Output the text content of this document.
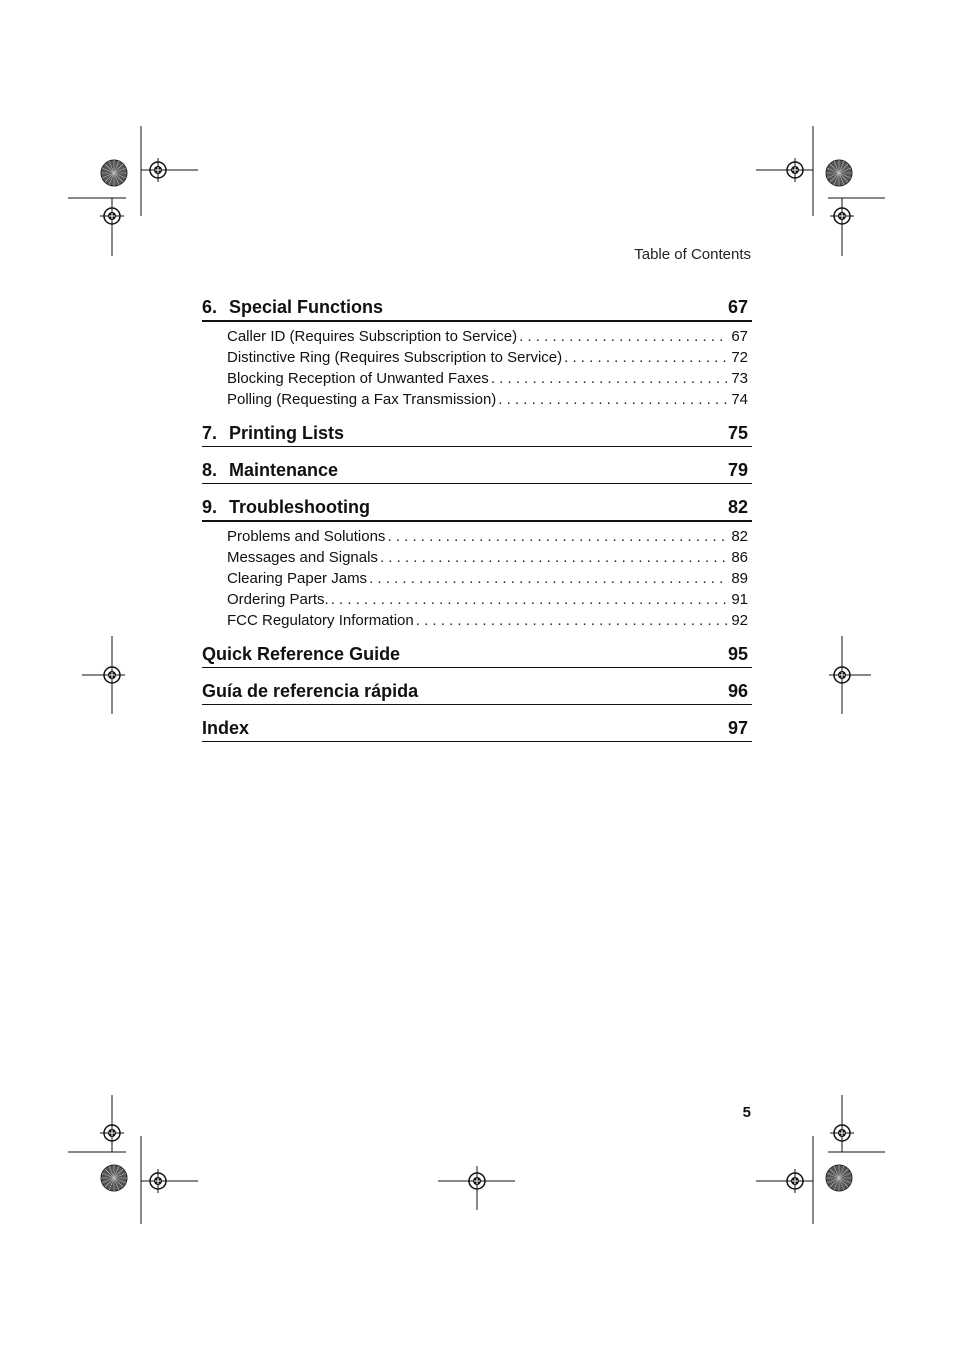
Table of Contents
6. Special Functions	67
Caller ID (Requires Subscription to Service) . . .	67
Distinctive Ring (Requires Subscription to Service) . . .	72
Blocking Reception of Unwanted Faxes . . .	73
Polling (Requesting a Fax Transmission) . . .	74
7. Printing Lists	75
8. Maintenance	79
9. Troubleshooting	82
Problems and Solutions . . .	82
Messages and Signals . . .	86
Clearing Paper Jams . . .	89
Ordering Parts. . . .	91
FCC Regulatory Information . . .	92
Quick Reference Guide	95
Guía de referencia rápida	96
Index	97
5
